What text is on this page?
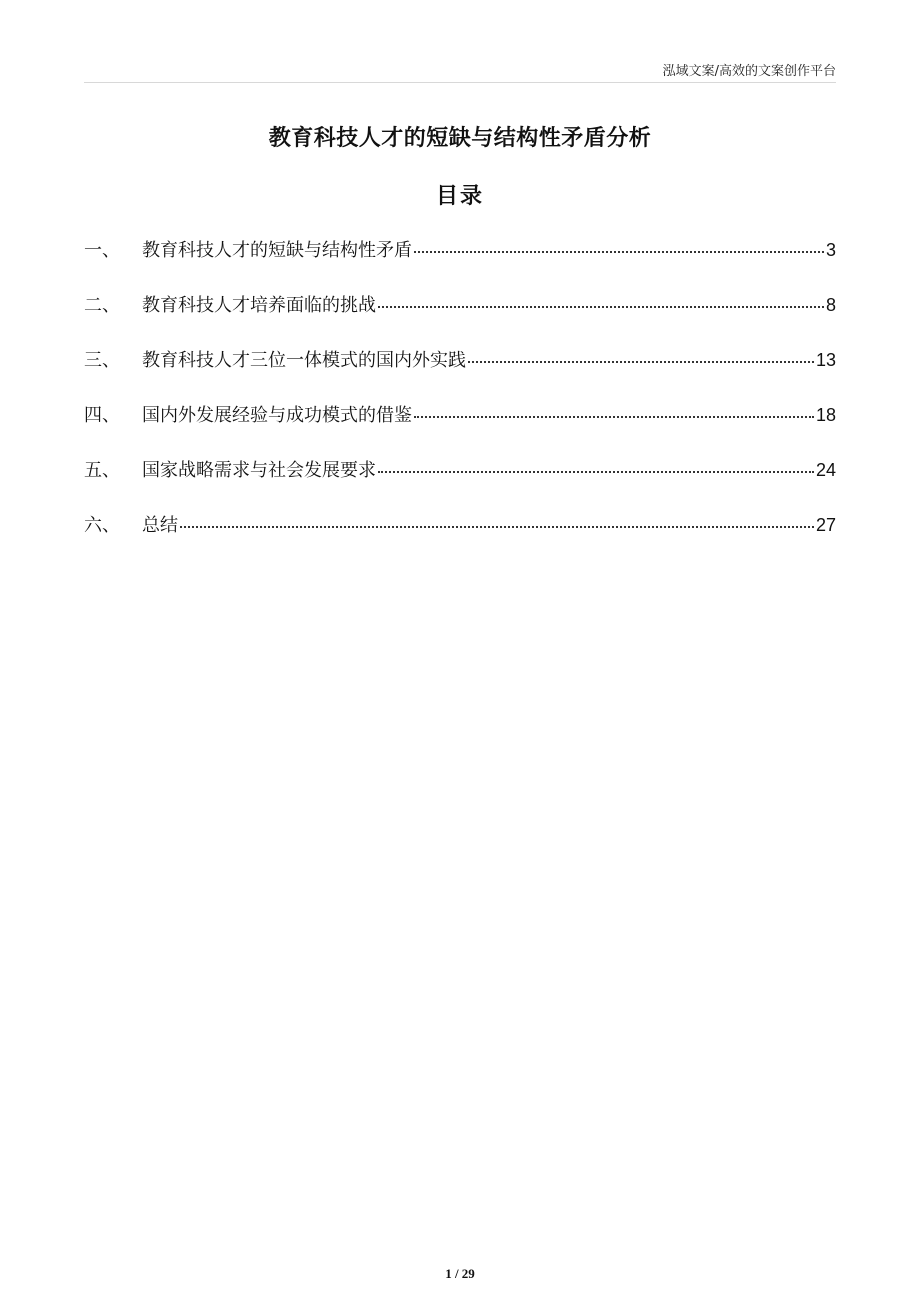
泓域文案/高效的文案创作平台
教育科技人才的短缺与结构性矛盾分析
目录
一、	教育科技人才的短缺与结构性矛盾	3
二、	教育科技人才培养面临的挑战	8
三、	教育科技人才三位一体模式的国内外实践	13
四、	国内外发展经验与成功模式的借鉴	18
五、	国家战略需求与社会发展要求	24
六、	总结	27
1 / 29
